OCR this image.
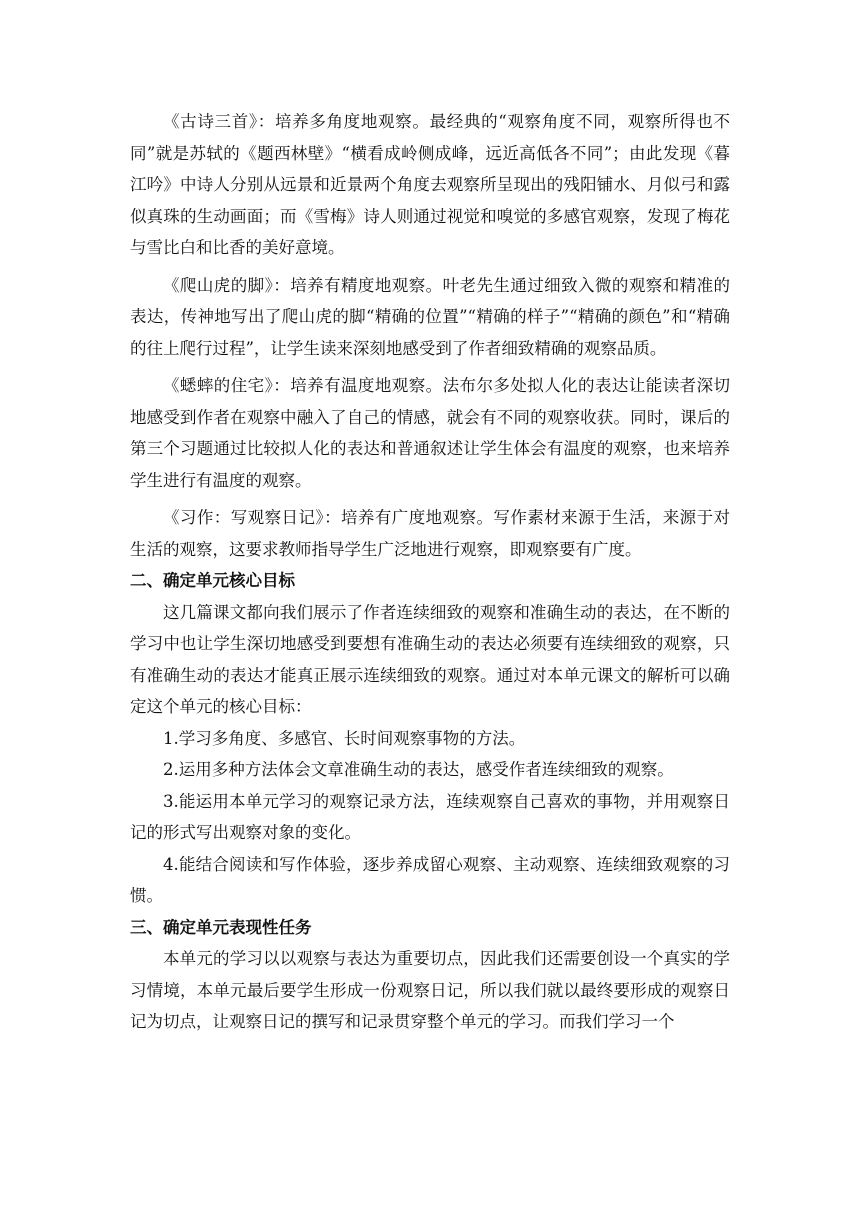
《古诗三首》：培养多角度地观察。最经典的“观察角度不同，观察所得也不同”就是苏轼的《题西林壁》“横看成岭侧成峰，远近高低各不同”；由此发现《暮江吟》中诗人分别从远景和近景两个角度去观察所呈现出的残阳铺水、月似弓和露似真珠的生动画面；而《雪梅》诗人则通过视觉和嗅觉的多感官观察，发现了梅花与雪比白和比香的美好意境。

《爬山虎的脚》：培养有精度地观察。叶老先生通过细致入微的观察和精准的表达，传神地写出了爬山虎的脚“精确的位置”“精确的样子”“精确的颜色”和“精确的往上爬行过程”，让学生读来深刻地感受到了作者细致精确的观察品质。

《蟋蟀的住宅》：培养有温度地观察。法布尔多处拟人化的表达让能读者深切地感受到作者在观察中融入了自己的情感，就会有不同的观察收获。同时，课后的第三个习题通过比较拟人化的表达和普通叙述让学生体会有温度的观察，也来培养学生进行有温度的观察。

《习作：写观察日记》：培养有广度地观察。写作素材来源于生活，来源于对生活的观察，这要求教师指导学生广泛地进行观察，即观察要有广度。

二、确定单元核心目标

这几篇课文都向我们展示了作者连续细致的观察和准确生动的表达，在不断的学习中也让学生深切地感受到要想有准确生动的表达必须要有连续细致的观察，只有准确生动的表达才能真正展示连续细致的观察。通过对本单元课文的解析可以确定这个单元的核心目标：

1.学习多角度、多感官、长时间观察事物的方法。

2.运用多种方法体会文章准确生动的表达，感受作者连续细致的观察。

3.能运用本单元学习的观察记录方法，连续观察自己喜欢的事物，并用观察日记的形式写出观察对象的变化。

4.能结合阅读和写作体验，逐步养成留心观察、主动观察、连续细致观察的习惯。

三、确定单元表现性任务

本单元的学习以以观察与表达为重要切点，因此我们还需要创设一个真实的学习情境，本单元最后要学生形成一份观察日记，所以我们就以最终要形成的观察日记为切点，让观察日记的撰写和记录贯穿整个单元的学习。而我们学习一个
